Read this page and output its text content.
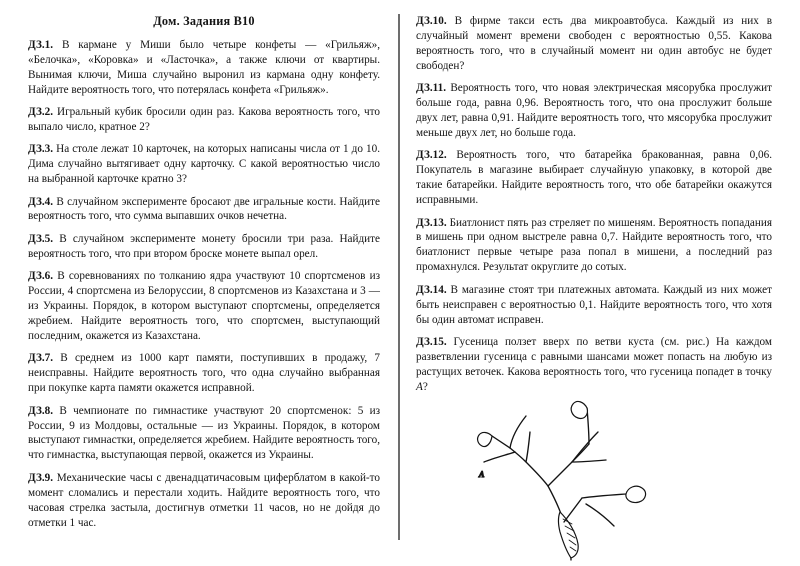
Дом. Задания B10

ДЗ.1. В кармане у Миши было четыре конфеты — «Грильяж», «Белочка», «Коровка» и «Ласточка», а также ключи от квартиры. Вынимая ключи, Миша случайно выронил из кармана одну конфету. Найдите вероятность того, что потерялась конфета «Грильяж».

ДЗ.2. Игральный кубик бросили один раз. Какова вероятность того, что выпало число, кратное 2?

ДЗ.3. На столе лежат 10 карточек, на которых написаны числа от 1 до 10. Дима случайно вытягивает одну карточку. С какой вероятностью число на выбранной карточке кратно 3?

ДЗ.4. В случайном эксперименте бросают две игральные кости. Найдите вероятность того, что сумма выпавших очков нечетна.

ДЗ.5. В случайном эксперименте монету бросили три раза. Найдите вероятность того, что при втором броске монете выпал орел.

ДЗ.6. В соревнованиях по толканию ядра участвуют 10 спортсменов из России, 4 спортсмена из Белоруссии, 8 спортсменов из Казахстана и 3 — из Украины. Порядок, в котором выступают спортсмены, определяется жребием. Найдите вероятность того, что спортсмен, выступающий последним, окажется из Казахстана.

ДЗ.7. В среднем из 1000 карт памяти, поступивших в продажу, 7 неисправны. Найдите вероятность того, что одна случайно выбранная при покупке карта памяти окажется исправной.

ДЗ.8. В чемпионате по гимнастике участвуют 20 спортсменок: 5 из России, 9 из Молдовы, остальные — из Украины. Порядок, в котором выступают гимнастки, определяется жребием. Найдите вероятность того, что гимнастка, выступающая первой, окажется из Украины.

ДЗ.9. Механические часы с двенадцатичасовым циферблатом в какой-то момент сломались и перестали ходить. Найдите вероятность того, что часовая стрелка застыла, достигнув отметки 11 часов, но не дойдя до отметки 1 час.

ДЗ.10. В фирме такси есть два микроавтобуса. Каждый из них в случайный момент времени свободен с вероятностью 0,55. Какова вероятность того, что в случайный момент ни один автобус не будет свободен?

ДЗ.11. Вероятность того, что новая электрическая мясорубка прослужит больше года, равна 0,96. Вероятность того, что она прослужит больше двух лет, равна 0,91. Найдите вероятность того, что мясорубка прослужит меньше двух лет, но больше года.

ДЗ.12. Вероятность того, что батарейка бракованная, равна 0,06. Покупатель в магазине выбирает случайную упаковку, в которой две такие батарейки. Найдите вероятность того, что обе батарейки окажутся исправными.

ДЗ.13. Биатлонист пять раз стреляет по мишеням. Вероятность попадания в мишень при одном выстреле равна 0,7. Найдите вероятность того, что биатлонист первые четыре раза попал в мишени, а последний раз промахнулся. Результат округлите до сотых.

ДЗ.14. В магазине стоят три платежных автомата. Каждый из них может быть неисправен с вероятностью 0,1. Найдите вероятность того, что хотя бы один автомат исправен.

ДЗ.15. Гусеница ползет вверх по ветви куста (см. рис.) На каждом разветвлении гусеница с равными шансами может попасть на любую из растущих веточек. Какова вероятность того, что гусеница попадет в точку A?

A
